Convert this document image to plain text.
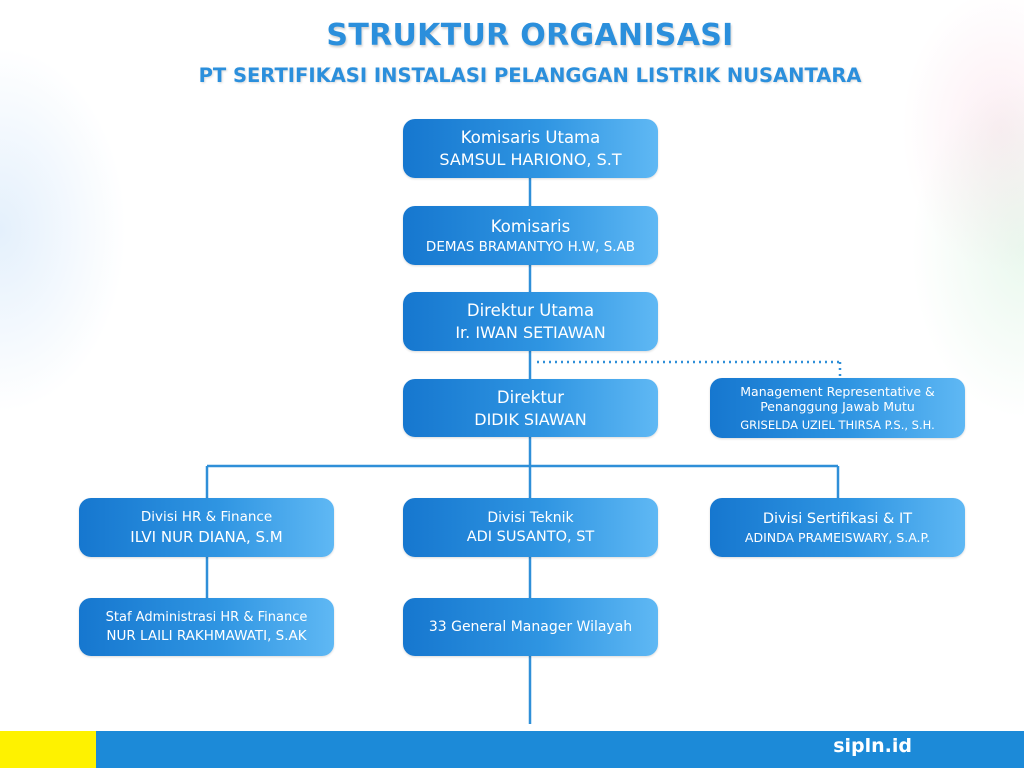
STRUKTUR ORGANISASI
PT SERTIFIKASI INSTALASI PELANGGAN LISTRIK NUSANTARA
Komisaris Utama
SAMSUL HARIONO, S.T
Komisaris
DEMAS BRAMANTYO H.W, S.AB
Direktur Utama
Ir. IWAN SETIAWAN
Direktur
DIDIK SIAWAN
Management Representative &
Penanggung Jawab Mutu
GRISELDA UZIEL THIRSA P.S., S.H.
Divisi HR & Finance
ILVI NUR DIANA, S.M
Divisi Teknik
ADI SUSANTO, ST
Divisi Sertifikasi & IT
ADINDA PRAMEISWARY, S.A.P.
Staf Administrasi HR & Finance
NUR LAILI RAKHMAWATI, S.AK
33 General Manager Wilayah
sipln.id
